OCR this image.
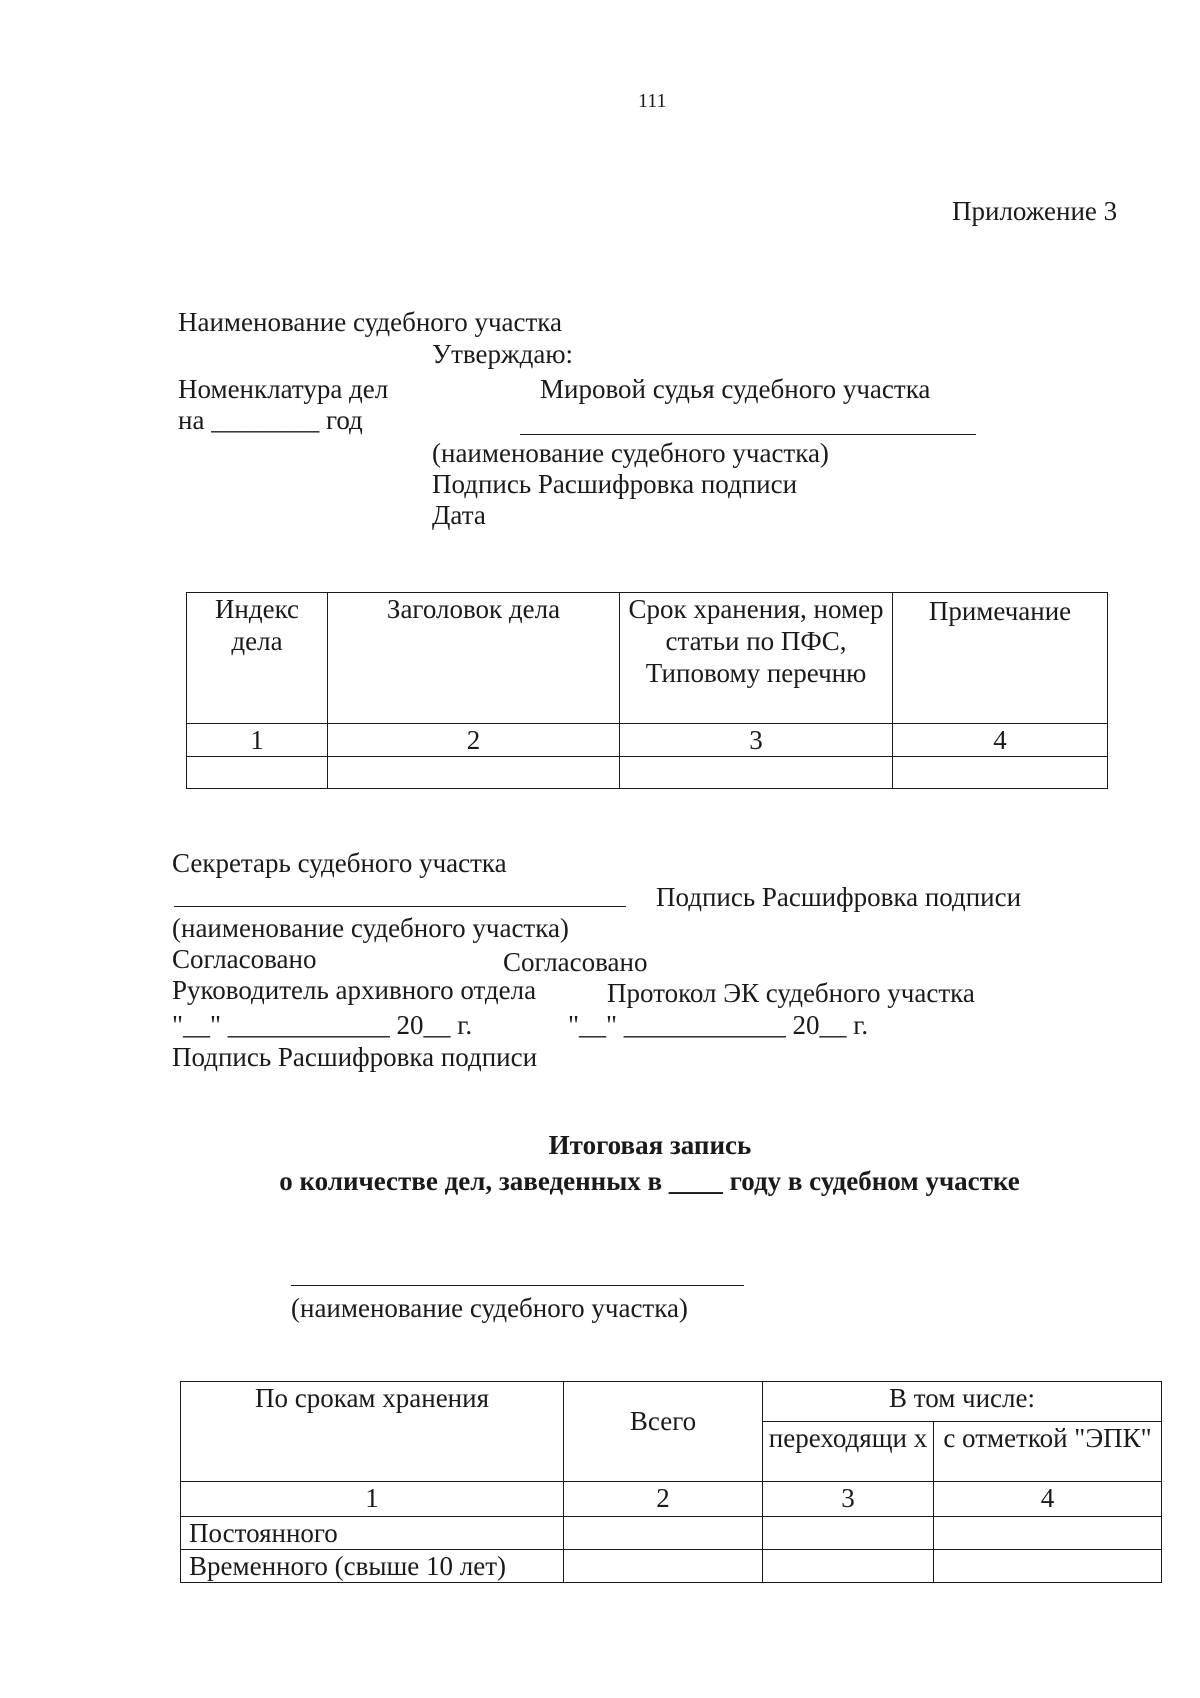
111
Приложение 3
Наименование судебного участка
Утверждаю:
Номенклатура дел	Мировой судья судебного участка
на ________ год
(наименование судебного участка)
Подпись Расшифровка подписи
Дата
Индекс дела	Заголовок дела	Срок хранения, номер статьи по ПФС, Типовому перечню	Примечание
1	2	3	4

Секретарь судебного участка
Подпись Расшифровка подписи
(наименование судебного участка)
Согласовано	Согласовано
Руководитель архивного отдела	Протокол ЭК судебного участка
"__" ____________ 20__ г.	"__" ____________ 20__ г.
Подпись Расшифровка подписи
Итоговая запись
о количестве дел, заведенных в ____ году в судебном участке
(наименование судебного участка)
По срокам хранения	Всего	В том числе:	
		переходящи х	с отметкой "ЭПК"
1	2	3	4
Постоянного			
Временного (свыше 10 лет)			
